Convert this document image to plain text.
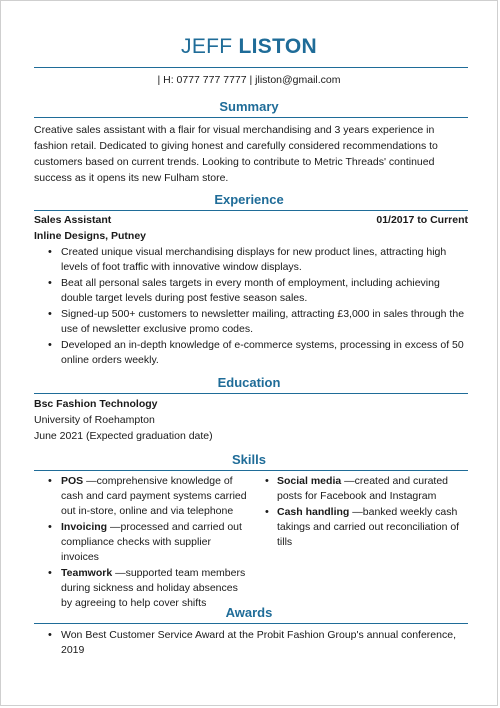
JEFF LISTON
| H: 0777 777 7777 | jliston@gmail.com
Summary
Creative sales assistant with a flair for visual merchandising and 3 years experience in fashion retail. Dedicated to giving honest and carefully considered recommendations to customers based on current trends. Looking to contribute to Metric Threads' continued success as it opens its new Fulham store.
Experience
Sales Assistant	01/2017 to Current
Inline Designs, Putney
• Created unique visual merchandising displays for new product lines, attracting high levels of foot traffic with innovative window displays.
• Beat all personal sales targets in every month of employment, including achieving double target levels during post festive season sales.
• Signed-up 500+ customers to newsletter mailing, attracting £3,000 in sales through the use of newsletter exclusive promo codes.
• Developed an in-depth knowledge of e-commerce systems, processing in excess of 50 online orders weekly.
Education
Bsc Fashion Technology
University of Roehampton
June 2021 (Expected graduation date)
Skills
• POS —comprehensive knowledge of cash and card payment systems carried out in-store, online and via telephone
• Invoicing —processed and carried out compliance checks with supplier invoices
• Teamwork —supported team members during sickness and holiday absences by agreeing to help cover shifts
• Social media —created and curated posts for Facebook and Instagram
• Cash handling —banked weekly cash takings and carried out reconciliation of tills
Awards
• Won Best Customer Service Award at the Probit Fashion Group's annual conference, 2019
